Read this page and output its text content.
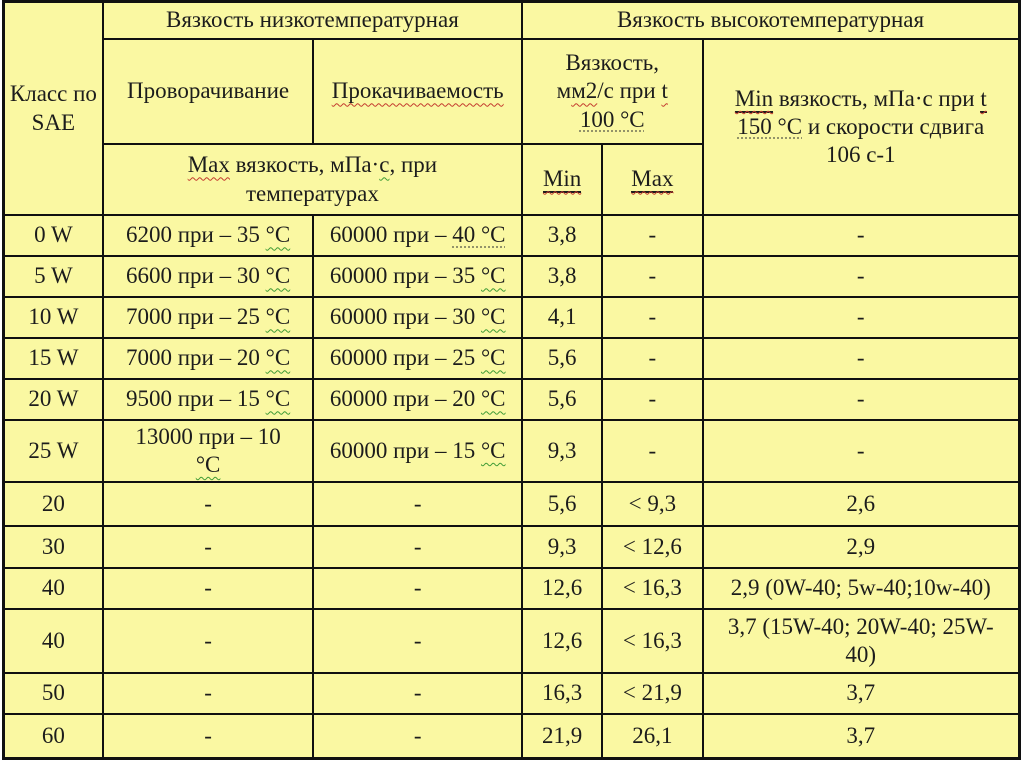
Класс по SAE	Вязкость низкотемпературная		Вязкость высокотемпературная		
	Проворачивание	Прокачиваемость	Вязкость,
мм2/с при t
100 °С		Min вязкость, мПа·с при t
150 °С и скорости сдвига
106 с-1
	Max вязкость, мПа·с, при
температурах		Min	Max	
0 W	6200 при – 35 °С	60000 при – 40 °С	3,8	-	-
5 W	6600 при – 30 °С	60000 при – 35 °С	3,8	-	-
10 W	7000 при – 25 °С	60000 при – 30 °С	4,1	-	-
15 W	7000 при – 20 °С	60000 при – 25 °С	5,6	-	-
20 W	9500 при – 15 °С	60000 при – 20 °С	5,6	-	-
25 W	13000 при – 10
°С	60000 при – 15 °С	9,3	-	-
20	-	-	5,6	< 9,3	2,6
30	-	-	9,3	< 12,6	2,9
40	-	-	12,6	< 16,3	2,9 (0W-40; 5w-40;10w-40)
40	-	-	12,6	< 16,3	3,7 (15W-40; 20W-40; 25W-
40)
50	-	-	16,3	< 21,9	3,7
60	-	-	21,9	26,1	3,7
